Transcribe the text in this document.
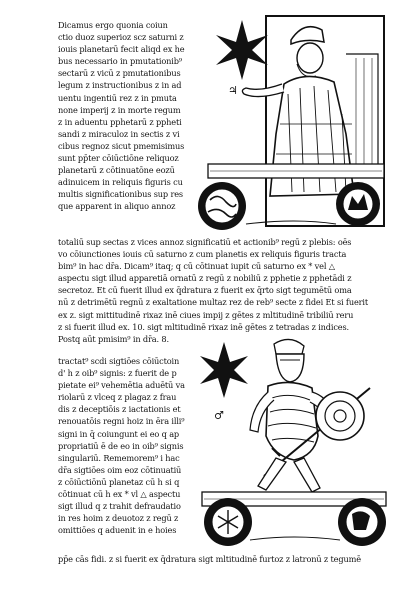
Dicamus ergo quonia coiun
ctio duoz superioz scz saturni z
iouis planetarū fecit aliqd ex he
bus necessario in pmutationib⁹
sectarū z vicū z pmutationibus
legum z instructionibus z in ad
uentu ingentiū rez z in pmuta
none imperij z in morte regum
z in aduentu pphetarū z ppheti
sandi z miraculoz in sectis z vi
cibus regnoz sicut pmemisimus
sunt pp̄ter cōiūctiōne reliquoz
planetarū z cōtinuatōne eozū
adinuicem in reliquis figuris cu
multis significationibus sup res
que apparent in aliquo annoz
♃
totaliū sup sectas z vices annoz significatiū et actionib⁹ regū z plebis: oēs
vo cōiunctiones iouis cū saturno z cum planetis ex reliquis figuris tracta
bim⁹ in hac dr̄a. Dicam⁹ itaq; q cū cōtinuat iupit cū saturno ex * vel △
aspectu sigt illud apparetiā ornatū z regū z nobiliū z pphetie z pphetādi z
secretoz. Et cū fuerit illud ex q̄dratura z fuerit ex q̄rto sigt tegumētū oma
nū z detrimētū regnū z exaltatione multaz rez de reb⁹ secte z fidei Et si fuerit
ex z. sigt mittitudinē rixaz inē ciues impij z gētes z mltitudinē tribiliū reru
z si fuerit illud ex. 10. sigt mltitudinē rixaz inē gētes z tetradas z indices.
Postq aūt pmisim⁹ in dr̄a. 8.
tractat⁹ scdi sigtiōes cōiūctoin
d' h z oib⁹ signis: z fuerit de p
pietate ei⁹ vehemētia aduētū va
riolarū z vlceq z plagaz z frau
dis z deceptiōis z iactationis et
renouatōis regni hoiz in ēra illi⁹
signi in q̄ coiungunt ei eo q ap
propriatiū ē de eo in oib⁹ signis
singulariū. Rememorem⁹ i hac
dr̄a sigtiōes oim eoz cōtinuatiū
z cōiūctiōnū planetaz cū h si q
cōtinuat cū h ex * vl △ aspectu
sigt illud q z trahit defraudatio
in res hoim z deuotoz z regū z
omittiōes q aduenit in e hoies
♂
pp̄e cās fidi. z si fuerit ex q̄dratura sigt mltitudinē furtoz z latronū z tegumē
